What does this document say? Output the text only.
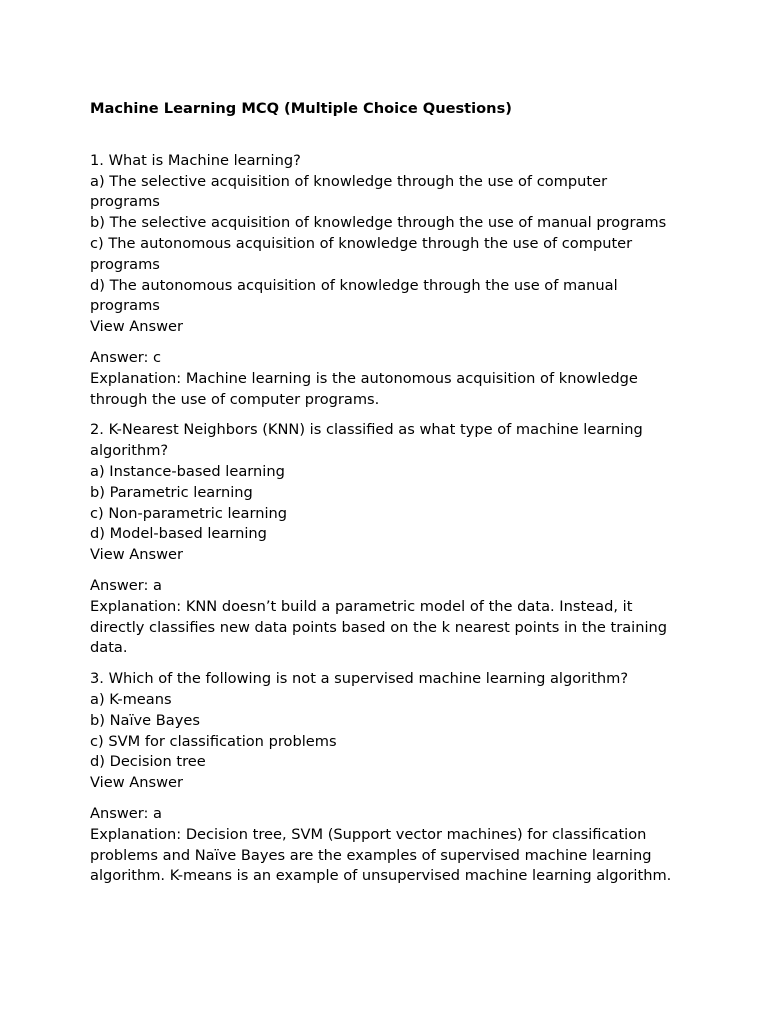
Machine Learning MCQ (Multiple Choice Questions)
1. What is Machine learning?
a) The selective acquisition of knowledge through the use of computer programs
b) The selective acquisition of knowledge through the use of manual programs
c) The autonomous acquisition of knowledge through the use of computer programs
d) The autonomous acquisition of knowledge through the use of manual programs
View Answer
Answer: c
Explanation: Machine learning is the autonomous acquisition of knowledge through the use of computer programs.
2. K-Nearest Neighbors (KNN) is classified as what type of machine learning algorithm?
a) Instance-based learning
b) Parametric learning
c) Non-parametric learning
d) Model-based learning
View Answer
Answer: a
Explanation: KNN doesn’t build a parametric model of the data. Instead, it directly classifies new data points based on the k nearest points in the training data.
3. Which of the following is not a supervised machine learning algorithm?
a) K-means
b) Naïve Bayes
c) SVM for classification problems
d) Decision tree
View Answer
Answer: a
Explanation: Decision tree, SVM (Support vector machines) for classification problems and Naïve Bayes are the examples of supervised machine learning algorithm. K-means is an example of unsupervised machine learning algorithm.
